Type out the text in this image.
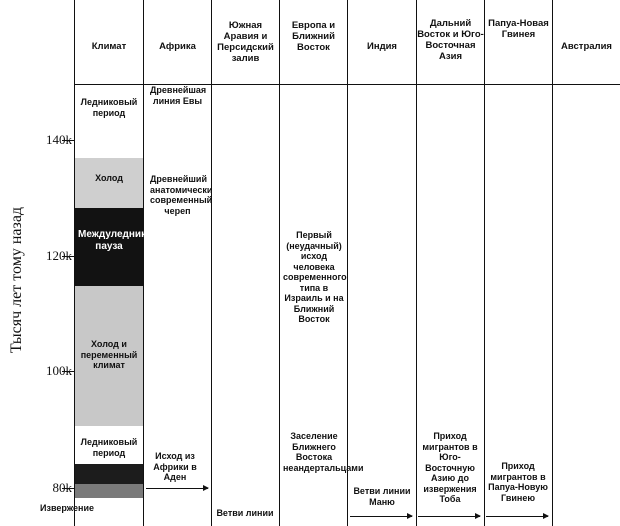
Тысяч лет тому назад
140k
120k
100k
80k
Климат	Африка
Южная Аравия и Персидский залив
Европа и Ближний Восток	Индия
Дальний Восток и Юго-Восточная Азия
Папуа-Новая Гвинея
Австралия
Ледниковый период
Холод
Междуледниковая пауза
Холод и переменный климат
Ледниковый период
Извержение
Древнейшая линия Евы
Древнейший анатомически современный череп
Исход из Африки в Аден
Ветви линии
Первый (неудачный) исход человека современного типа в Израиль и на Ближний Восток
Заселение Ближнего Востока неандертальцами
Ветви линии Маню
Приход мигрантов в Юго-Восточную Азию до извержения Тоба
Приход мигрантов в Папуа-Новую Гвинею
